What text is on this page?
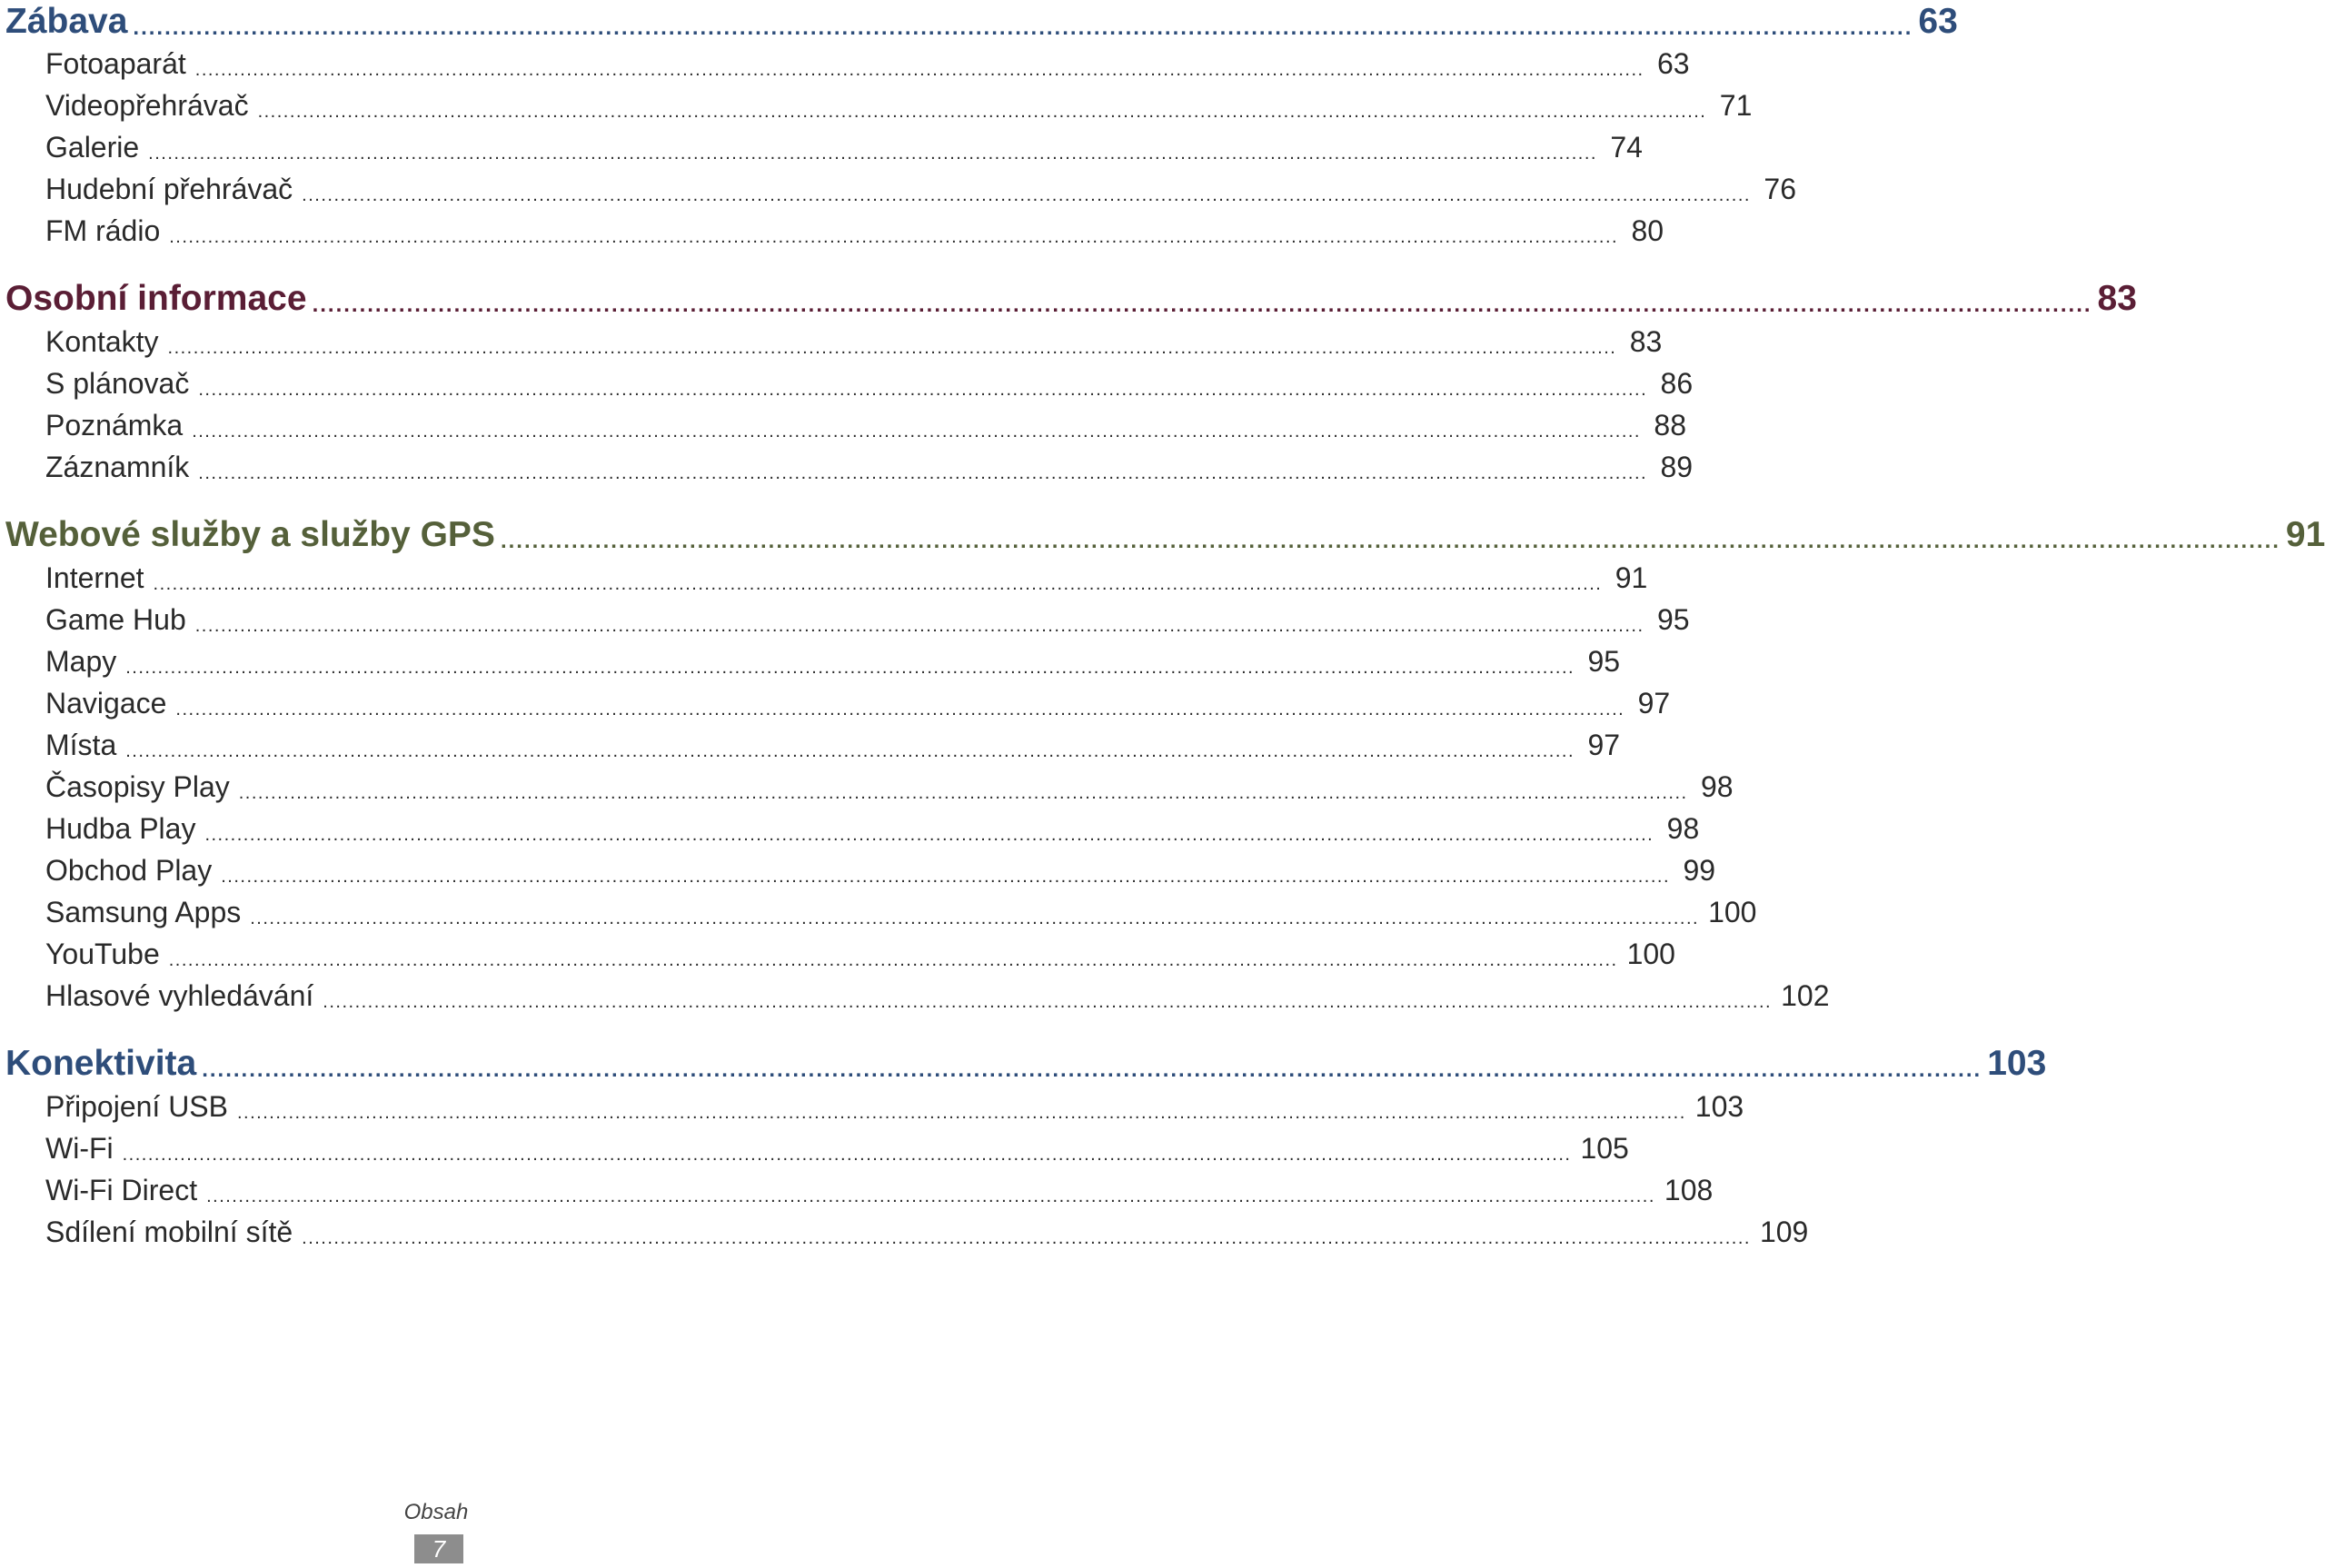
Zábava .................................................................................................................................................................................................................................. 63
Fotoaparát .................................................................................................................................................................................................................................. 63
Videopřehrávač .................................................................................................................................................................................................................................. 71
Galerie .................................................................................................................................................................................................................................. 74
Hudební přehrávač .................................................................................................................................................................................................................................. 76
FM rádio .................................................................................................................................................................................................................................. 80
Osobní informace .................................................................................................................................................................................................................................. 83
Kontakty .................................................................................................................................................................................................................................. 83
S plánovač .................................................................................................................................................................................................................................. 86
Poznámka .................................................................................................................................................................................................................................. 88
Záznamník .................................................................................................................................................................................................................................. 89
Webové služby a služby GPS .................................................................................................................................................................................................................................. 91
Internet .................................................................................................................................................................................................................................. 91
Game Hub .................................................................................................................................................................................................................................. 95
Mapy .................................................................................................................................................................................................................................. 95
Navigace .................................................................................................................................................................................................................................. 97
Místa .................................................................................................................................................................................................................................. 97
Časopisy Play .................................................................................................................................................................................................................................. 98
Hudba Play .................................................................................................................................................................................................................................. 98
Obchod Play .................................................................................................................................................................................................................................. 99
Samsung Apps .................................................................................................................................................................................................................................. 100
YouTube .................................................................................................................................................................................................................................. 100
Hlasové vyhledávání .................................................................................................................................................................................................................................. 102
Konektivita .................................................................................................................................................................................................................................. 103
Připojení USB .................................................................................................................................................................................................................................. 103
Wi-Fi .................................................................................................................................................................................................................................. 105
Wi-Fi Direct .................................................................................................................................................................................................................................. 108
Sdílení mobilní sítě .................................................................................................................................................................................................................................. 109
Obsah
7
